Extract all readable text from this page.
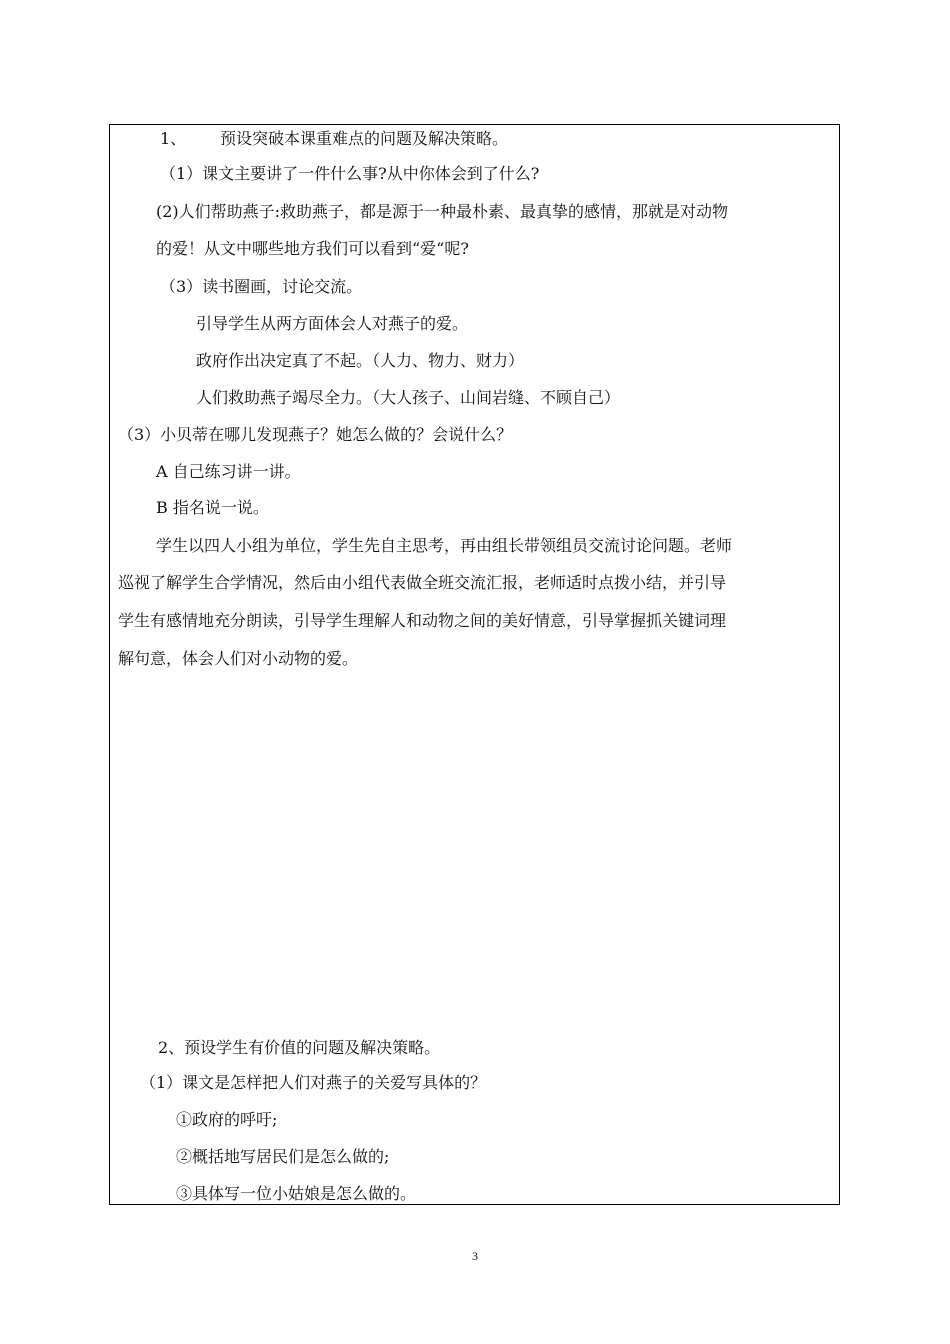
1、 预设突破本课重难点的问题及解决策略。
（1）课文主要讲了一件什么事?从中你体会到了什么?
(2)人们帮助燕子:救助燕子，都是源于一种最朴素、最真挚的感情，那就是对动物
的爱！从文中哪些地方我们可以看到“爱“呢?
（3）读书圈画，讨论交流。
引导学生从两方面体会人对燕子的爱。
政府作出决定真了不起。（人力、物力、财力）
人们救助燕子竭尽全力。（大人孩子、山间岩缝、不顾自己）
（3）小贝蒂在哪儿发现燕子？她怎么做的？会说什么？
A 自己练习讲一讲。
B 指名说一说。
学生以四人小组为单位，学生先自主思考，再由组长带领组员交流讨论问题。老师
巡视了解学生合学情况，然后由小组代表做全班交流汇报，老师适时点拨小结，并引导
学生有感情地充分朗读，引导学生理解人和动物之间的美好情意，引导掌握抓关键词理
解句意，体会人们对小动物的爱。
2、预设学生有价值的问题及解决策略。
（1）课文是怎样把人们对燕子的关爱写具体的？
①政府的呼吁;
②概括地写居民们是怎么做的;
③具体写一位小姑娘是怎么做的。
3
